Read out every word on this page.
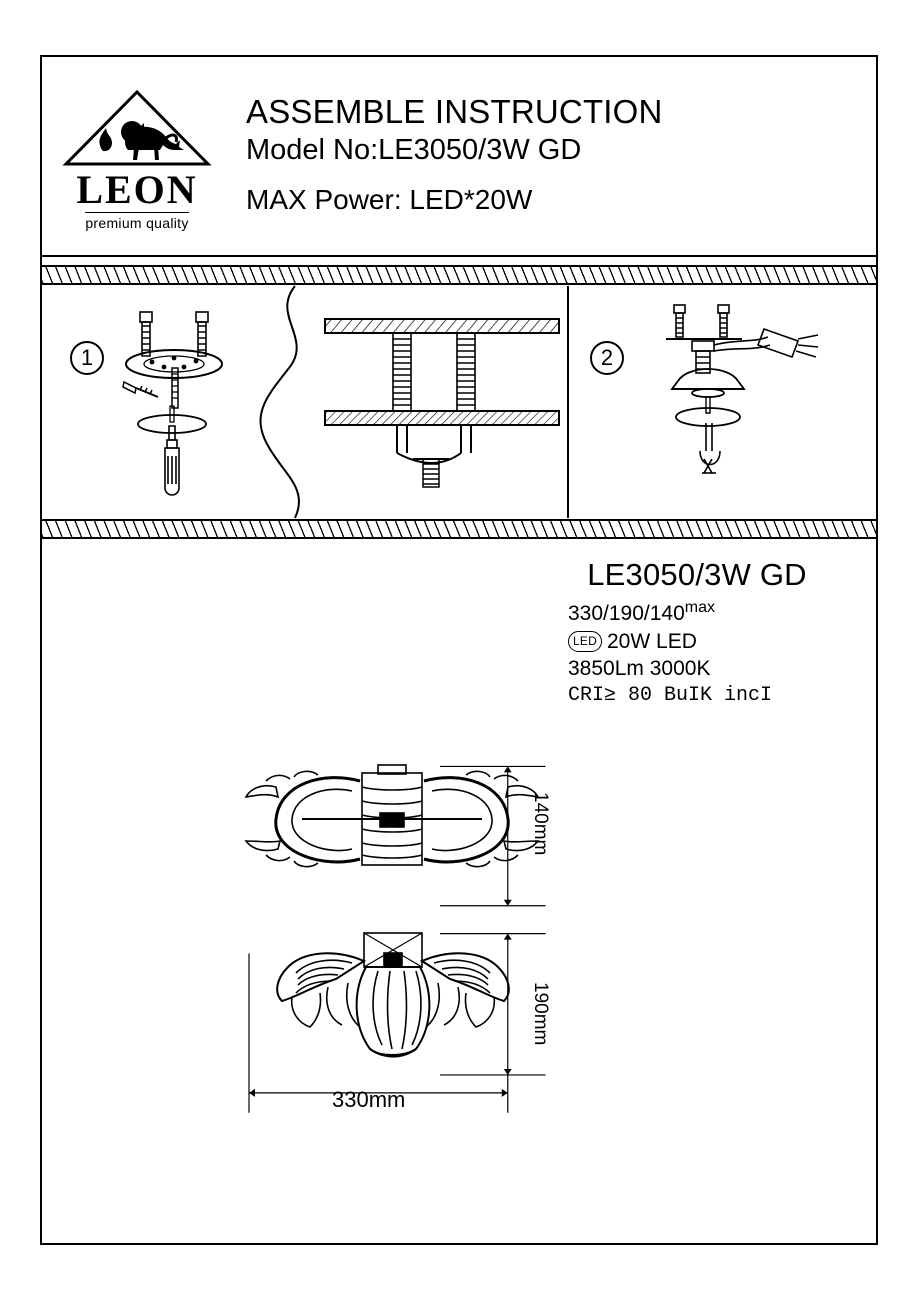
LEON
premium quality
ASSEMBLE INSTRUCTION
Model No:LE3050/3W GD
MAX Power: LED*20W
1	2
LE3050/3W GD
$330/190/140^{max}$
LED 20W LED
3850Lm 3000K
CRI≥ 80 BuIK incI
140mm
190mm
330mm
